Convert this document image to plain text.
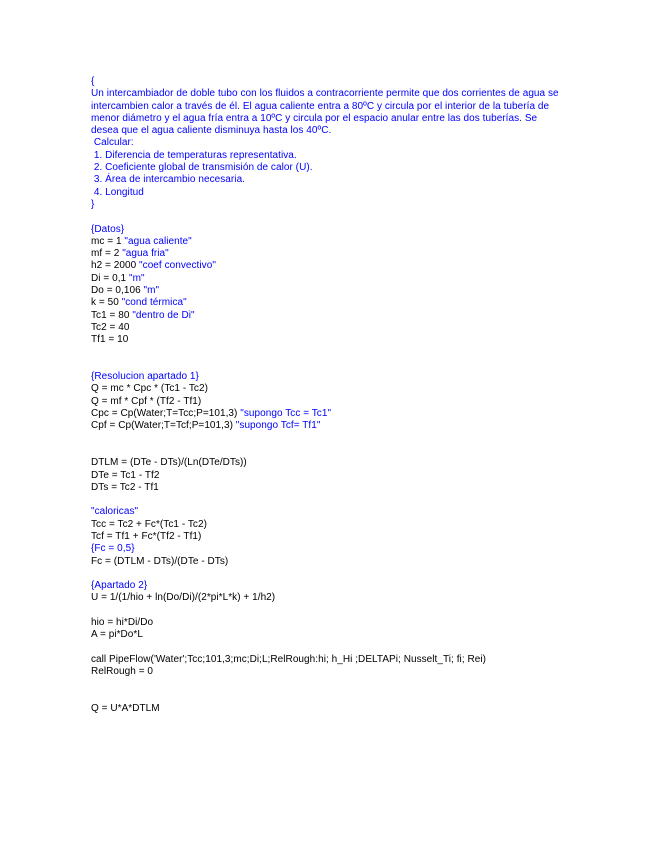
{
Un intercambiador de doble tubo con los fluidos a contracorriente permite que dos corrientes de agua se intercambien calor a través de él. El agua caliente entra a 80ºC y circula por el interior de la tubería de menor diámetro y el agua fría entra a 10ºC y circula por el espacio anular entre las dos tuberías. Se desea que el agua caliente disminuya hasta los 40ºC.
Calcular:
1. Diferencia de temperaturas representativa.
2. Coeficiente global de transmisión de calor (U).
3. Área de intercambio necesaria.
4. Longitud
}
{Datos}
mc = 1 "agua caliente"
mf = 2 "agua fria"
h2 = 2000 "coef convectivo"
Di = 0,1 "m"
Do = 0,106 "m"
k = 50 "cond térmica"
Tc1 = 80 "dentro de Di"
Tc2 = 40
Tf1 = 10
{Resolucion apartado 1}
Q = mc * Cpc * (Tc1 - Tc2)
Q = mf * Cpf * (Tf2 - Tf1)
Cpc = Cp(Water;T=Tcc;P=101,3) "supongo Tcc = Tc1"
Cpf = Cp(Water;T=Tcf;P=101,3) "supongo Tcf= Tf1"
DTLM = (DTe - DTs)/(Ln(DTe/DTs))
DTe = Tc1 - Tf2
DTs = Tc2 - Tf1
"caloricas"
Tcc = Tc2 + Fc*(Tc1 - Tc2)
Tcf = Tf1 + Fc*(Tf2 - Tf1)
{Fc = 0,5}
Fc = (DTLM - DTs)/(DTe - DTs)
{Apartado 2}
U = 1/(1/hio + ln(Do/Di)/(2*pi*L*k) + 1/h2)
hio = hi*Di/Do
A = pi*Do*L
call PipeFlow('Water';Tcc;101,3;mc;Di;L;RelRough:hi; h_Hi ;DELTAPi; Nusselt_Ti; fi; Rei)
RelRough = 0
Q = U*A*DTLM
